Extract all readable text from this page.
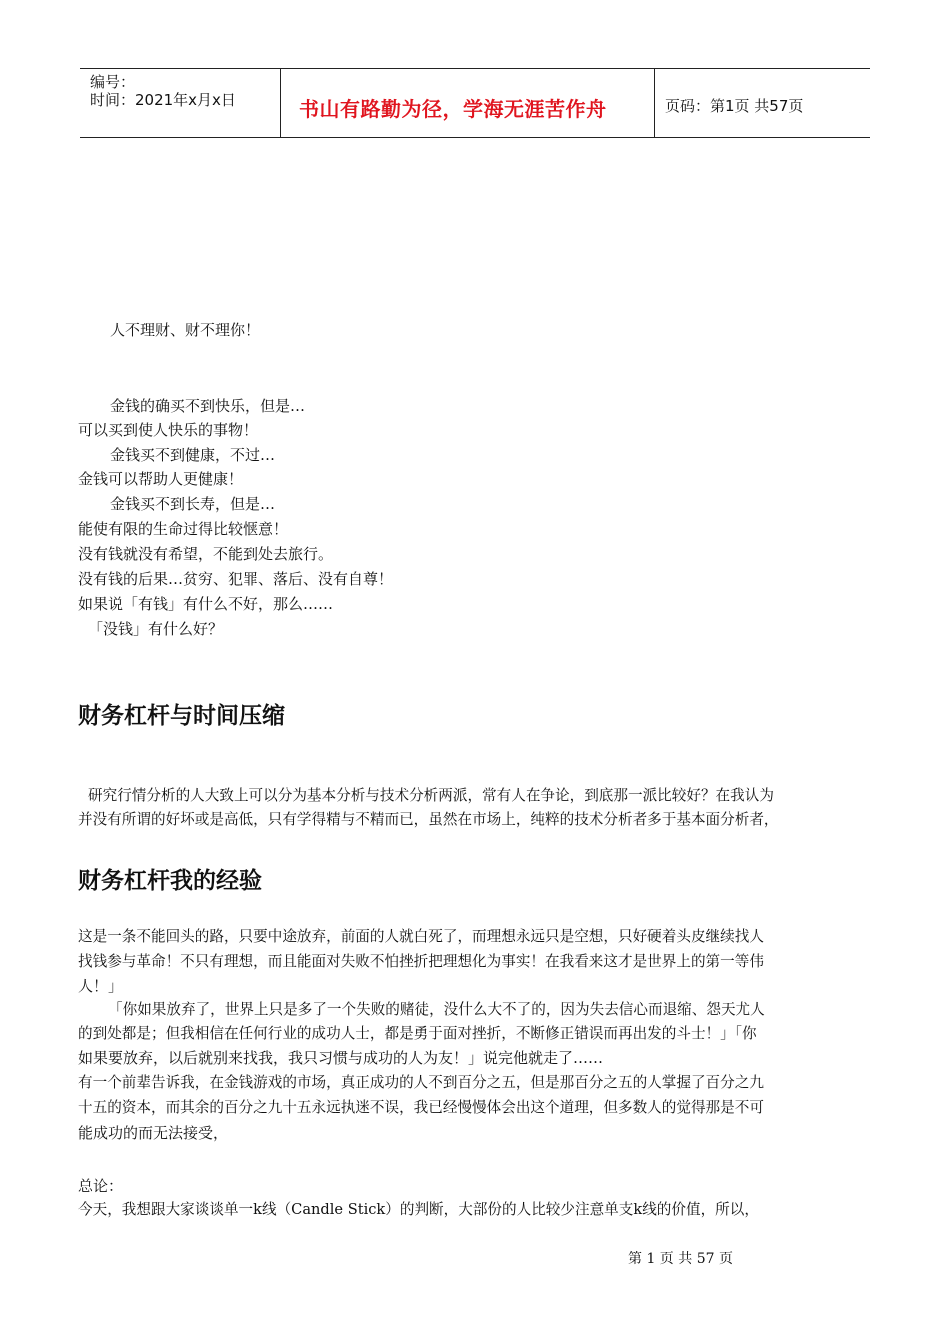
编号：
时间：2021年x月x日	书山有路勤为径，学海无涯苦作舟	页码：第1页 共57页
人不理财、财不理你！
金钱的确买不到快乐，但是…
可以买到使人快乐的事物！
金钱买不到健康，不过…
金钱可以帮助人更健康！
金钱买不到长寿，但是…
能使有限的生命过得比较惬意！
没有钱就没有希望，不能到处去旅行。
没有钱的后果…贫穷、犯罪、落后、没有自尊！
如果说「有钱」有什么不好，那么……
「没钱」有什么好？
财务杠杆与时间压缩
研究行情分析的人大致上可以分为基本分析与技术分析两派，常有人在争论，到底那一派比较好？在我认为
并没有所谓的好坏或是高低，只有学得精与不精而已，虽然在市场上，纯粹的技术分析者多于基本面分析者，
财务杠杆我的经验
这是一条不能回头的路，只要中途放弃，前面的人就白死了，而理想永远只是空想，只好硬着头皮继续找人
找钱参与革命！不只有理想，而且能面对失败不怕挫折把理想化为事实！在我看来这才是世界上的第一等伟
人！」
「你如果放弃了，世界上只是多了一个失败的赌徒，没什么大不了的，因为失去信心而退缩、怨天尤人
的到处都是；但我相信在任何行业的成功人士，都是勇于面对挫折，不断修正错误而再出发的斗士！」「你
如果要放弃，以后就别来找我，我只习惯与成功的人为友！」说完他就走了……
有一个前辈告诉我，在金钱游戏的市场，真正成功的人不到百分之五，但是那百分之五的人掌握了百分之九
十五的资本，而其余的百分之九十五永远执迷不误，我已经慢慢体会出这个道理，但多数人的觉得那是不可
能成功的而无法接受，
总论：
今天，我想跟大家谈谈单一k线（Candle Stick）的判断，大部份的人比较少注意单支k线的价值，所以，
第 1 页 共 57 页
